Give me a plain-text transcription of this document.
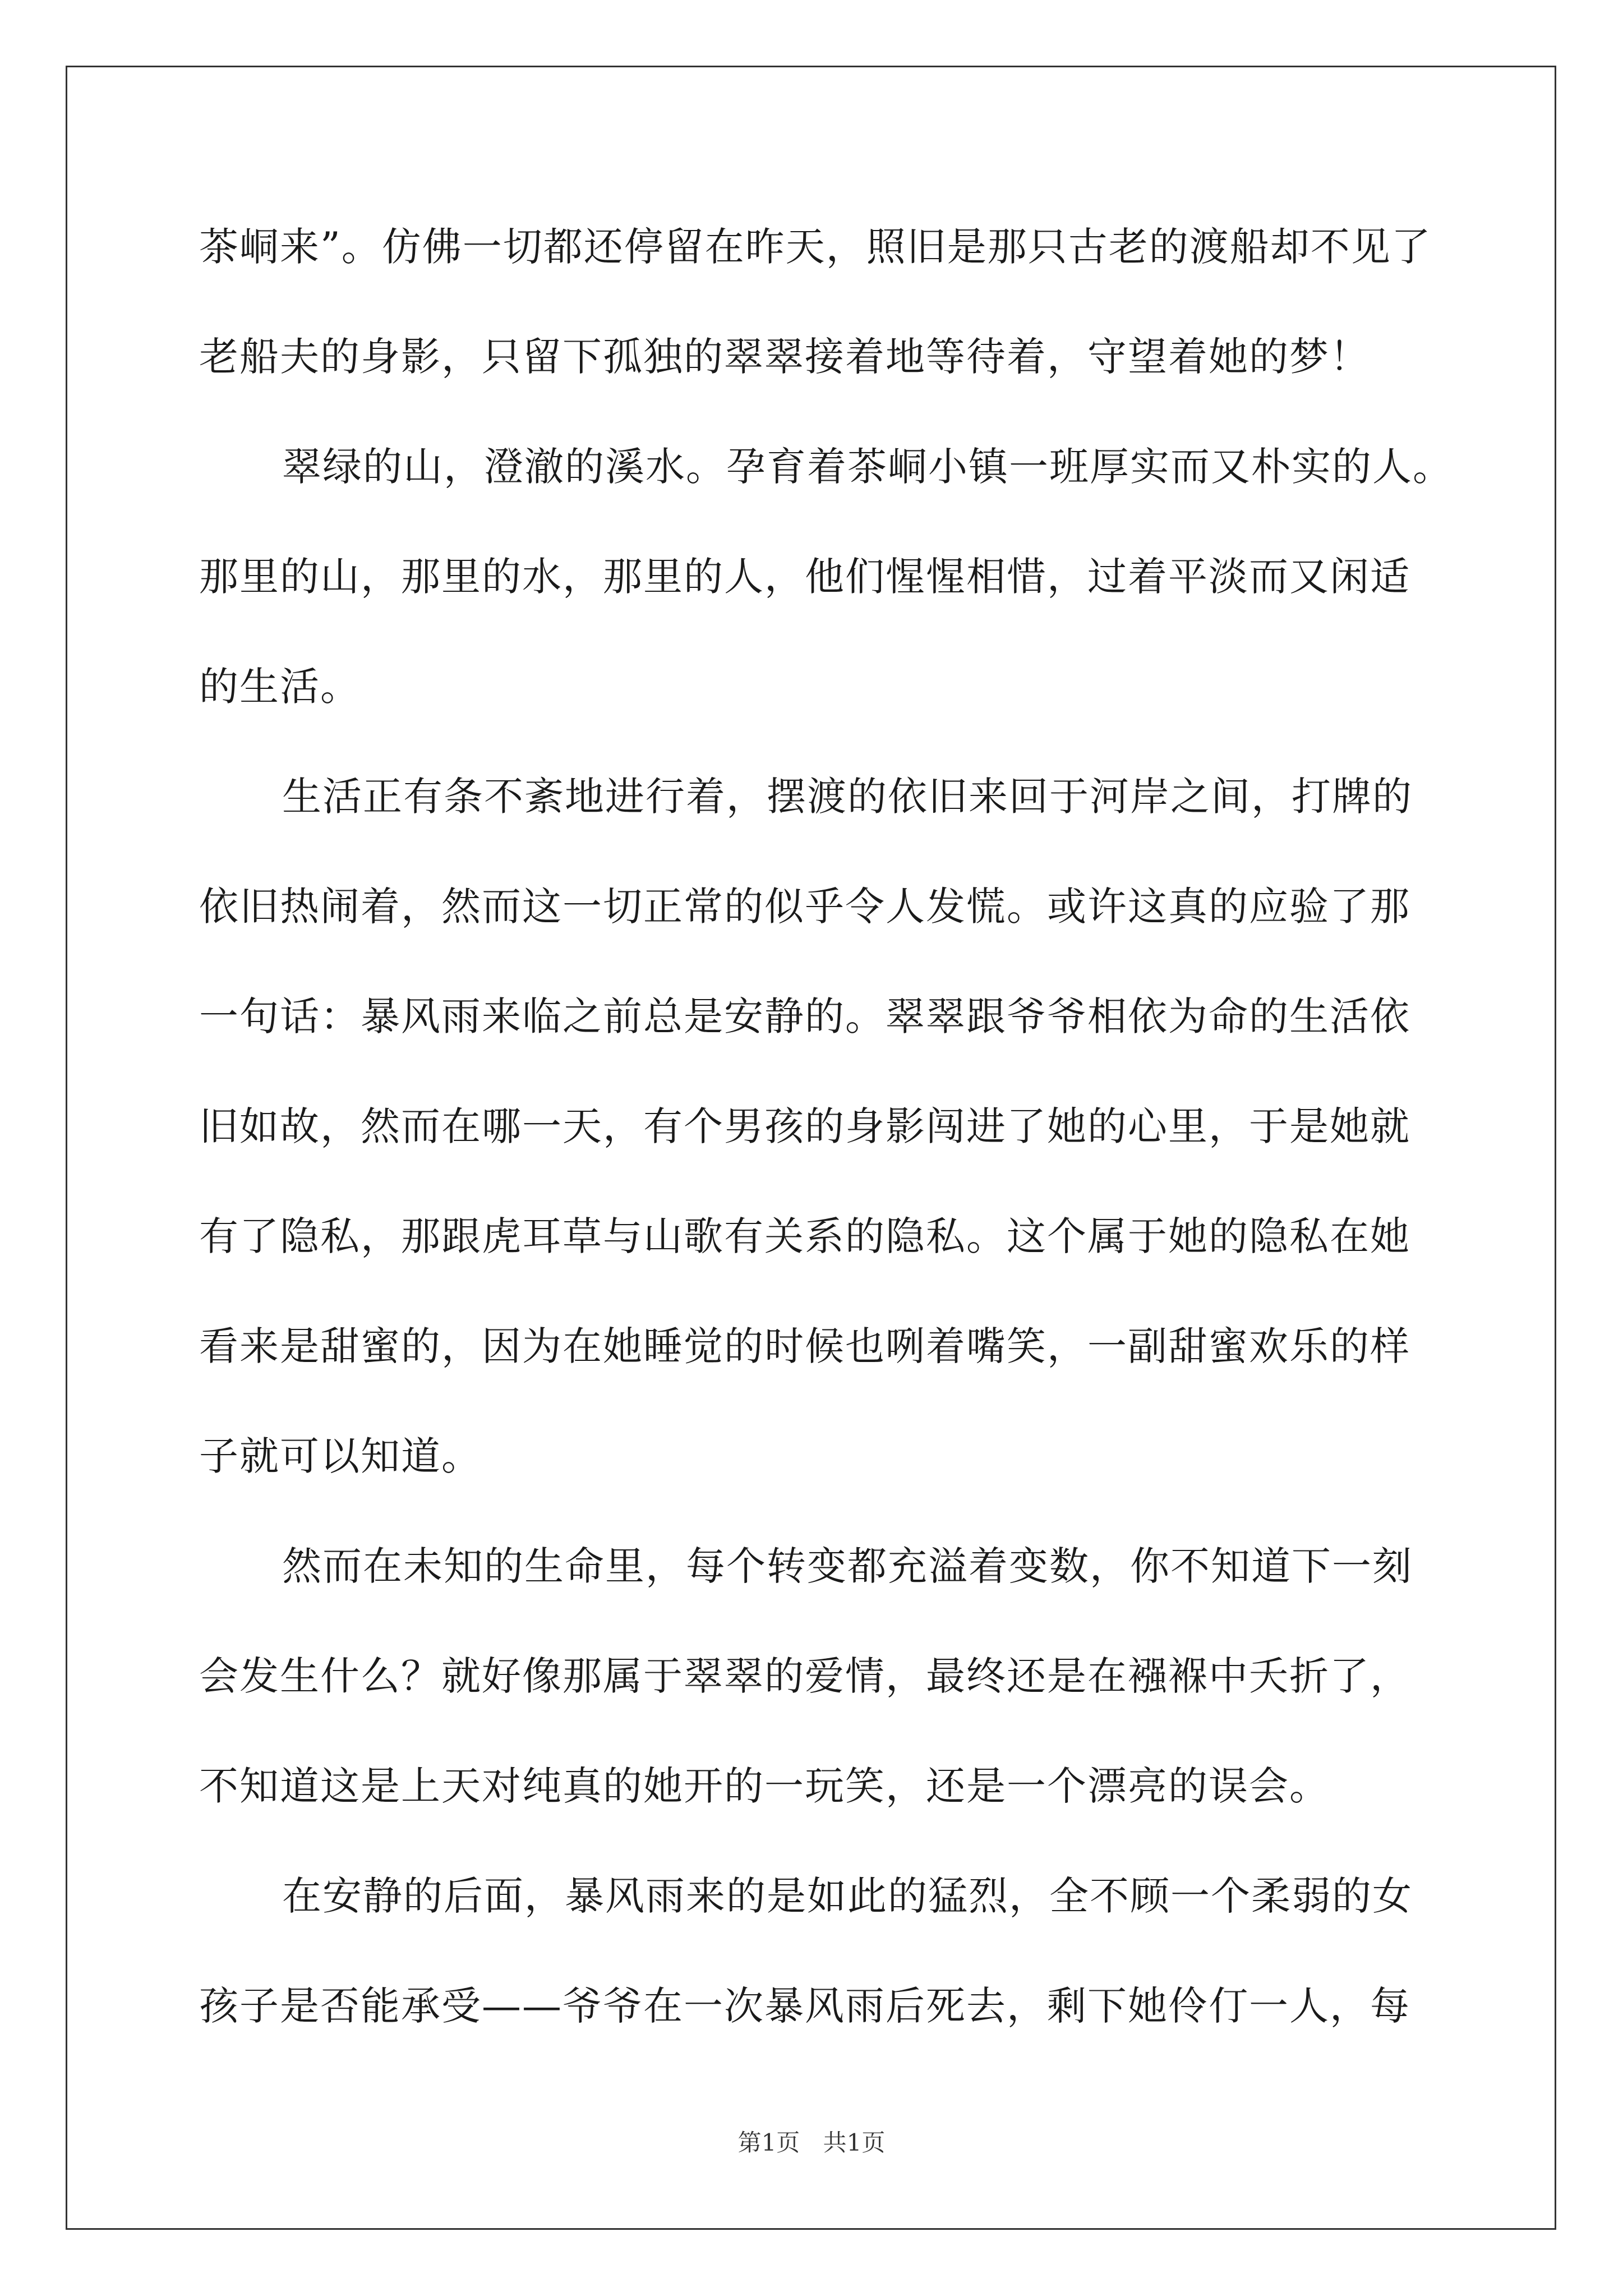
茶峒来”。仿佛一切都还停留在昨天，照旧是那只古老的渡船却不见了
老船夫的身影，只留下孤独的翠翠接着地等待着，守望着她的梦！
翠绿的山，澄澈的溪水。孕育着茶峒小镇一班厚实而又朴实的人。
那里的山，那里的水，那里的人，他们惺惺相惜，过着平淡而又闲适
的生活。
生活正有条不紊地进行着，摆渡的依旧来回于河岸之间，打牌的
依旧热闹着，然而这一切正常的似乎令人发慌。或许这真的应验了那
一句话：暴风雨来临之前总是安静的。翠翠跟爷爷相依为命的生活依
旧如故，然而在哪一天，有个男孩的身影闯进了她的心里，于是她就
有了隐私，那跟虎耳草与山歌有关系的隐私。这个属于她的隐私在她
看来是甜蜜的，因为在她睡觉的时候也咧着嘴笑，一副甜蜜欢乐的样
子就可以知道。
然而在未知的生命里，每个转变都充溢着变数，你不知道下一刻
会发生什么？就好像那属于翠翠的爱情，最终还是在襁褓中夭折了，
不知道这是上天对纯真的她开的一玩笑，还是一个漂亮的误会。
在安静的后面，暴风雨来的是如此的猛烈，全不顾一个柔弱的女
孩子是否能承受——爷爷在一次暴风雨后死去，剩下她伶仃一人，每
第1页 共1页
